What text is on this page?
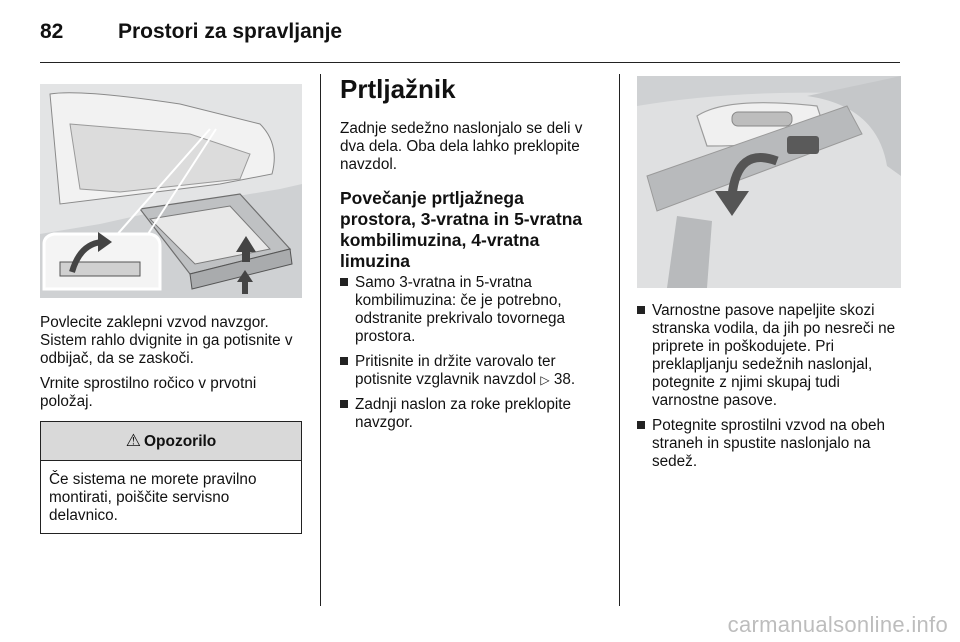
82	Prostori za spravljanje

Povlecite zaklepni vzvod navzgor. Sistem rahlo dvignite in ga potisnite v odbijač, da se zaskoči.

Vrnite sprostilno ročico v prvotni položaj.

⚠ Opozorilo
Če sistema ne morete pravilno montirati, poiščite servisno delavnico.
Prtljažnik

Zadnje sedežno naslonjalo se deli v dva dela. Oba dela lahko preklopite navzdol.

Povečanje prtljažnega prostora, 3-vratna in 5-vratna kombilimuzina, 4-vratna limuzina
Samo 3-vratna in 5-vratna kombilimuzina: če je potrebno, odstranite prekrivalo tovornega prostora.
Pritisnite in držite varovalo ter potisnite vzglavnik navzdol ▷ 38.
Zadnji naslon za roke preklopite navzgor.
Varnostne pasove napeljite skozi stranska vodila, da jih po nesreči ne priprete in poškodujete. Pri preklapljanju sedežnih naslonjal, potegnite z njimi skupaj tudi varnostne pasove.
Potegnite sprostilni vzvod na obeh straneh in spustite naslonjalo na sedež.
carmanualsonline.info
